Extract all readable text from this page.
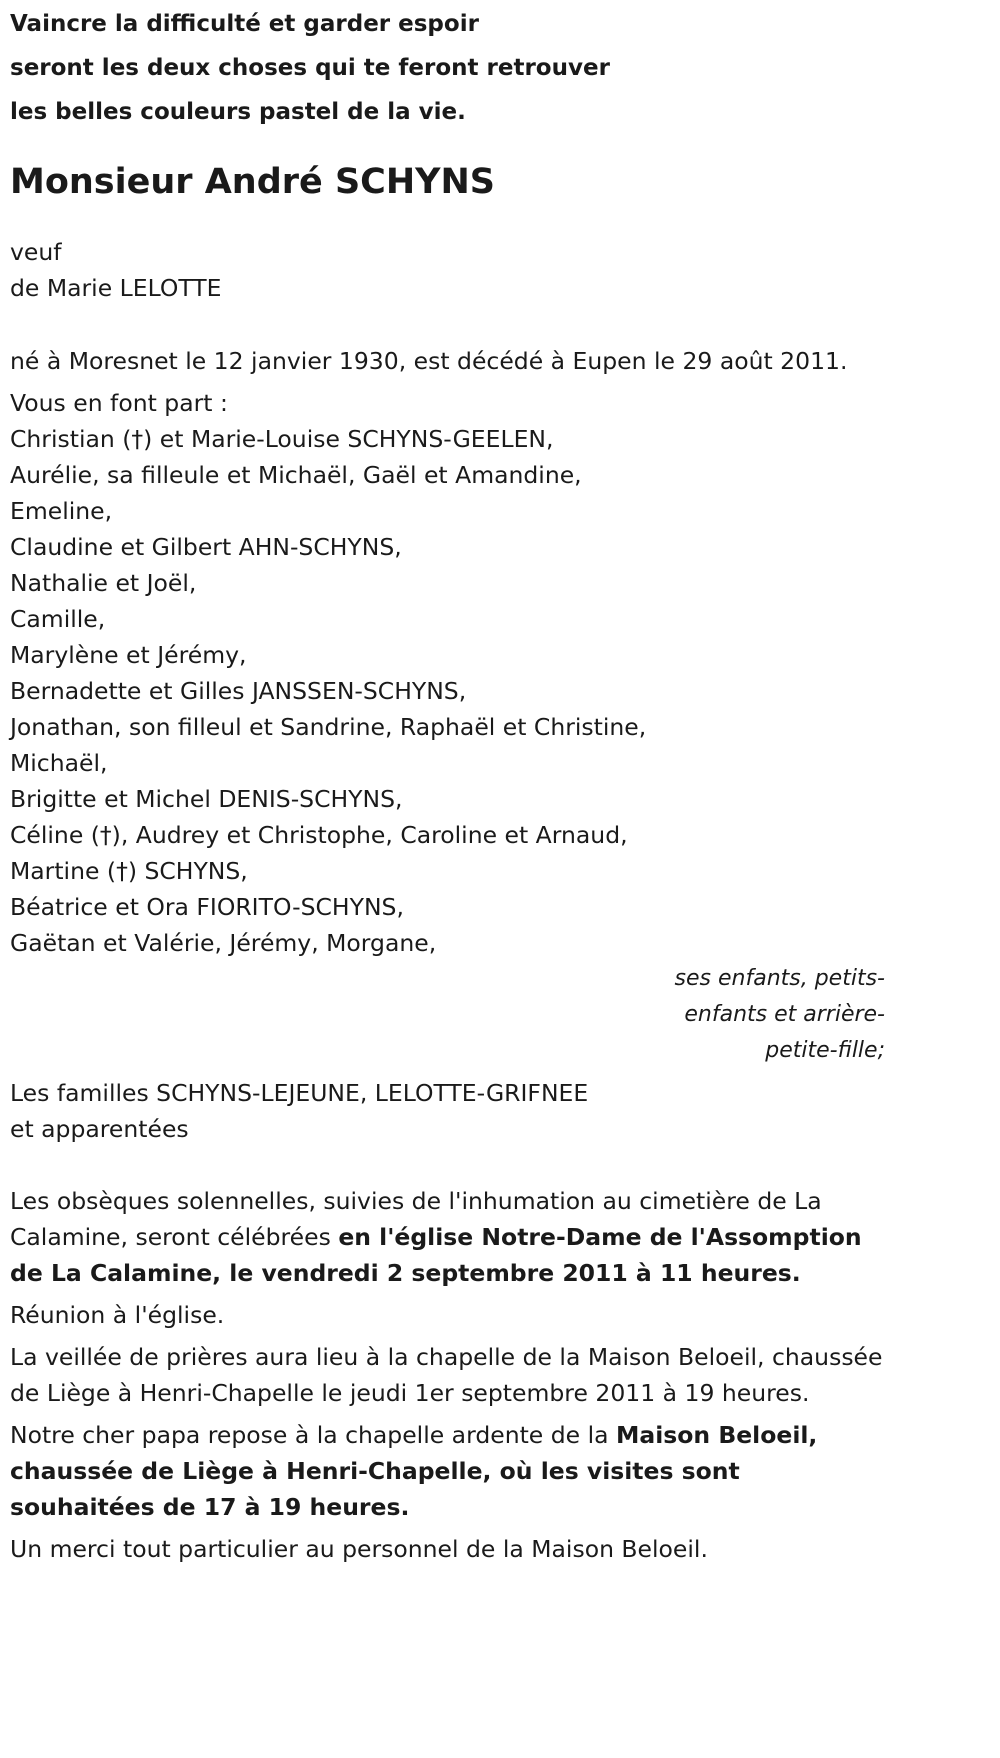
Vaincre la difficulté et garder espoir
seront les deux choses qui te feront retrouver
les belles couleurs pastel de la vie.
Monsieur André SCHYNS
veuf
de Marie LELOTTE
né à Moresnet le 12 janvier 1930, est décédé à Eupen le 29 août 2011.
Vous en font part :
Christian (†) et Marie-Louise SCHYNS-GEELEN,
Aurélie, sa filleule et Michaël, Gaël et Amandine,
Emeline,
Claudine et Gilbert AHN-SCHYNS,
Nathalie et Joël,
Camille,
Marylène et Jérémy,
Bernadette et Gilles JANSSEN-SCHYNS,
Jonathan, son filleul et Sandrine, Raphaël et Christine,
Michaël,
Brigitte et Michel DENIS-SCHYNS,
Céline (†), Audrey et Christophe, Caroline et Arnaud,
Martine (†) SCHYNS,
Béatrice et Ora FIORITO-SCHYNS,
Gaëtan et Valérie, Jérémy, Morgane,
ses enfants, petits-enfants et arrière-petite-fille;
Les familles SCHYNS-LEJEUNE, LELOTTE-GRIFNEE
et apparentées
Les obsèques solennelles, suivies de l'inhumation au cimetière de La Calamine, seront célébrées en l'église Notre-Dame de l'Assomption de La Calamine, le vendredi 2 septembre 2011 à 11 heures.
Réunion à l'église.
La veillée de prières aura lieu à la chapelle de la Maison Beloeil, chaussée de Liège à Henri-Chapelle le jeudi 1er septembre 2011 à 19 heures.
Notre cher papa repose à la chapelle ardente de la Maison Beloeil, chaussée de Liège à Henri-Chapelle, où les visites sont souhaitées de 17 à 19 heures.
Un merci tout particulier au personnel de la Maison Beloeil.
